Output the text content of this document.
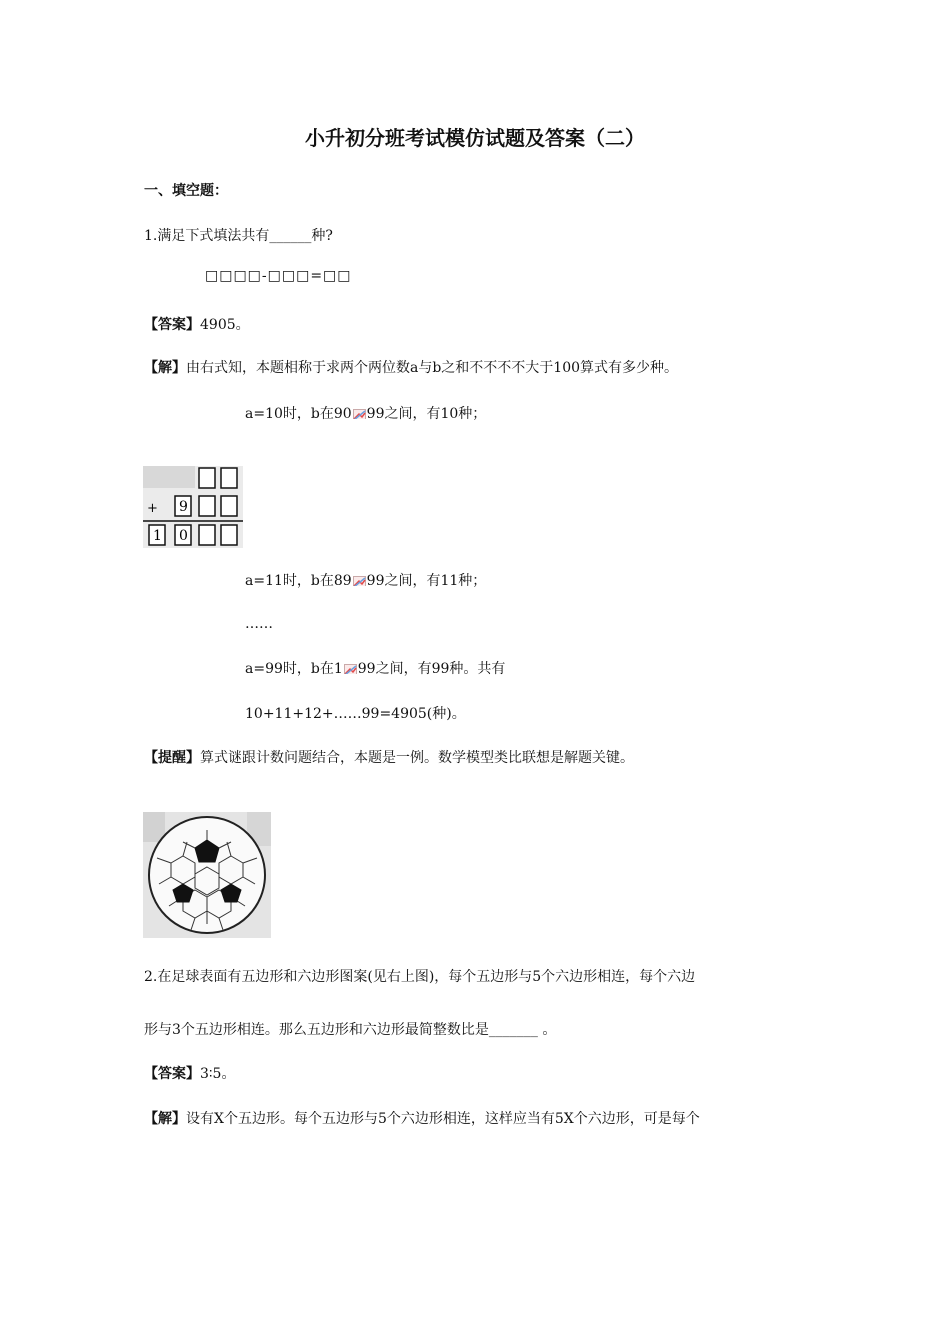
小升初分班考试模仿试题及答案（二）
一、填空题：
1.满足下式填法共有______种?
□□□□-□□□=□□
【答案】4905。
【解】由右式知，本题相称于求两个两位数a与b之和不不不不大于100算式有多少种。
a=10时，b在90 99之间，有10种；
+ 9
1 0
a=11时，b在89 99之间，有11种；
……
a=99时，b在1 99之间，有99种。共有
10+11+12+……99=4905(种)。
【提醒】算式谜跟计数问题结合，本题是一例。数学模型类比联想是解题关键。
2.在足球表面有五边形和六边形图案(见右上图)，每个五边形与5个六边形相连，每个六边
形与3个五边形相连。那么五边形和六边形最简整数比是_______ 。
【答案】3∶5。
【解】设有X个五边形。每个五边形与5个六边形相连，这样应当有5X个六边形，可是每个
